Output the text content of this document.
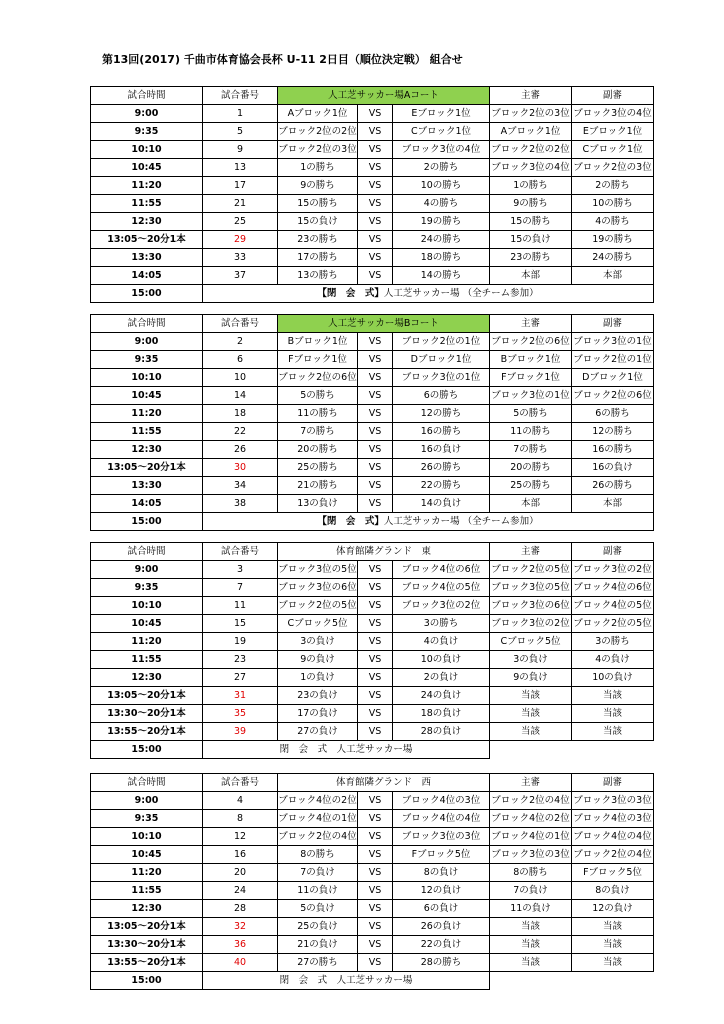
第13回(2017) 千曲市体育協会長杯 U-11 2日目（順位決定戦） 組合せ
試合時間	試合番号	人工芝サッカー場Aコート			主審	副審
9:00	1	Aブロック1位	VS	Eブロック1位	ブロック2位の3位	ブロック3位の4位
9:35	5	ブロック2位の2位	VS	Cブロック1位	Aブロック1位	Eブロック1位
10:10	9	ブロック2位の3位	VS	ブロック3位の4位	ブロック2位の2位	Cブロック1位
10:45	13	1の勝ち	VS	2の勝ち	ブロック3位の4位	ブロック2位の3位
11:20	17	9の勝ち	VS	10の勝ち	1の勝ち	2の勝ち
11:55	21	15の勝ち	VS	4の勝ち	9の勝ち	10の勝ち
12:30	25	15の負け	VS	19の勝ち	15の勝ち	4の勝ち
13:05～20分1本	29	23の勝ち	VS	24の勝ち	15の負け	19の勝ち
13:30	33	17の勝ち	VS	18の勝ち	23の勝ち	24の勝ち
14:05	37	13の勝ち	VS	14の勝ち	本部	本部
15:00	【閉　会　式】人工芝サッカー場 （全チーム参加）					
試合時間	試合番号	人工芝サッカー場Bコート			主審	副審
9:00	2	Bブロック1位	VS	ブロック2位の1位	ブロック2位の6位	ブロック3位の1位
9:35	6	Fブロック1位	VS	Dブロック1位	Bブロック1位	ブロック2位の1位
10:10	10	ブロック2位の6位	VS	ブロック3位の1位	Fブロック1位	Dブロック1位
10:45	14	5の勝ち	VS	6の勝ち	ブロック3位の1位	ブロック2位の6位
11:20	18	11の勝ち	VS	12の勝ち	5の勝ち	6の勝ち
11:55	22	7の勝ち	VS	16の勝ち	11の勝ち	12の勝ち
12:30	26	20の勝ち	VS	16の負け	7の勝ち	16の勝ち
13:05～20分1本	30	25の勝ち	VS	26の勝ち	20の勝ち	16の負け
13:30	34	21の勝ち	VS	22の勝ち	25の勝ち	26の勝ち
14:05	38	13の負け	VS	14の負け	本部	本部
15:00	【閉　会　式】人工芝サッカー場 （全チーム参加）					
試合時間	試合番号	体育館隣グランド　東			主審	副審
9:00	3	ブロック3位の5位	VS	ブロック4位の6位	ブロック2位の5位	ブロック3位の2位
9:35	7	ブロック3位の6位	VS	ブロック4位の5位	ブロック3位の5位	ブロック4位の6位
10:10	11	ブロック2位の5位	VS	ブロック3位の2位	ブロック3位の6位	ブロック4位の5位
10:45	15	Cブロック5位	VS	3の勝ち	ブロック3位の2位	ブロック2位の5位
11:20	19	3の負け	VS	4の負け	Cブロック5位	3の勝ち
11:55	23	9の負け	VS	10の負け	3の負け	4の負け
12:30	27	1の負け	VS	2の負け	9の負け	10の負け
13:05～20分1本	31	23の負け	VS	24の負け	当該	当該
13:30～20分1本	35	17の負け	VS	18の負け	当該	当該
13:55～20分1本	39	27の負け	VS	28の負け	当該	当該
15:00	閉　会　式　人工芝サッカー場					
試合時間	試合番号	体育館隣グランド　西			主審	副審
9:00	4	ブロック4位の2位	VS	ブロック4位の3位	ブロック2位の4位	ブロック3位の3位
9:35	8	ブロック4位の1位	VS	ブロック4位の4位	ブロック4位の2位	ブロック4位の3位
10:10	12	ブロック2位の4位	VS	ブロック3位の3位	ブロック4位の1位	ブロック4位の4位
10:45	16	8の勝ち	VS	Fブロック5位	ブロック3位の3位	ブロック2位の4位
11:20	20	7の負け	VS	8の負け	8の勝ち	Fブロック5位
11:55	24	11の負け	VS	12の負け	7の負け	8の負け
12:30	28	5の負け	VS	6の負け	11の負け	12の負け
13:05～20分1本	32	25の負け	VS	26の負け	当該	当該
13:30～20分1本	36	21の負け	VS	22の負け	当該	当該
13:55～20分1本	40	27の勝ち	VS	28の勝ち	当該	当該
15:00	閉　会　式　人工芝サッカー場					
